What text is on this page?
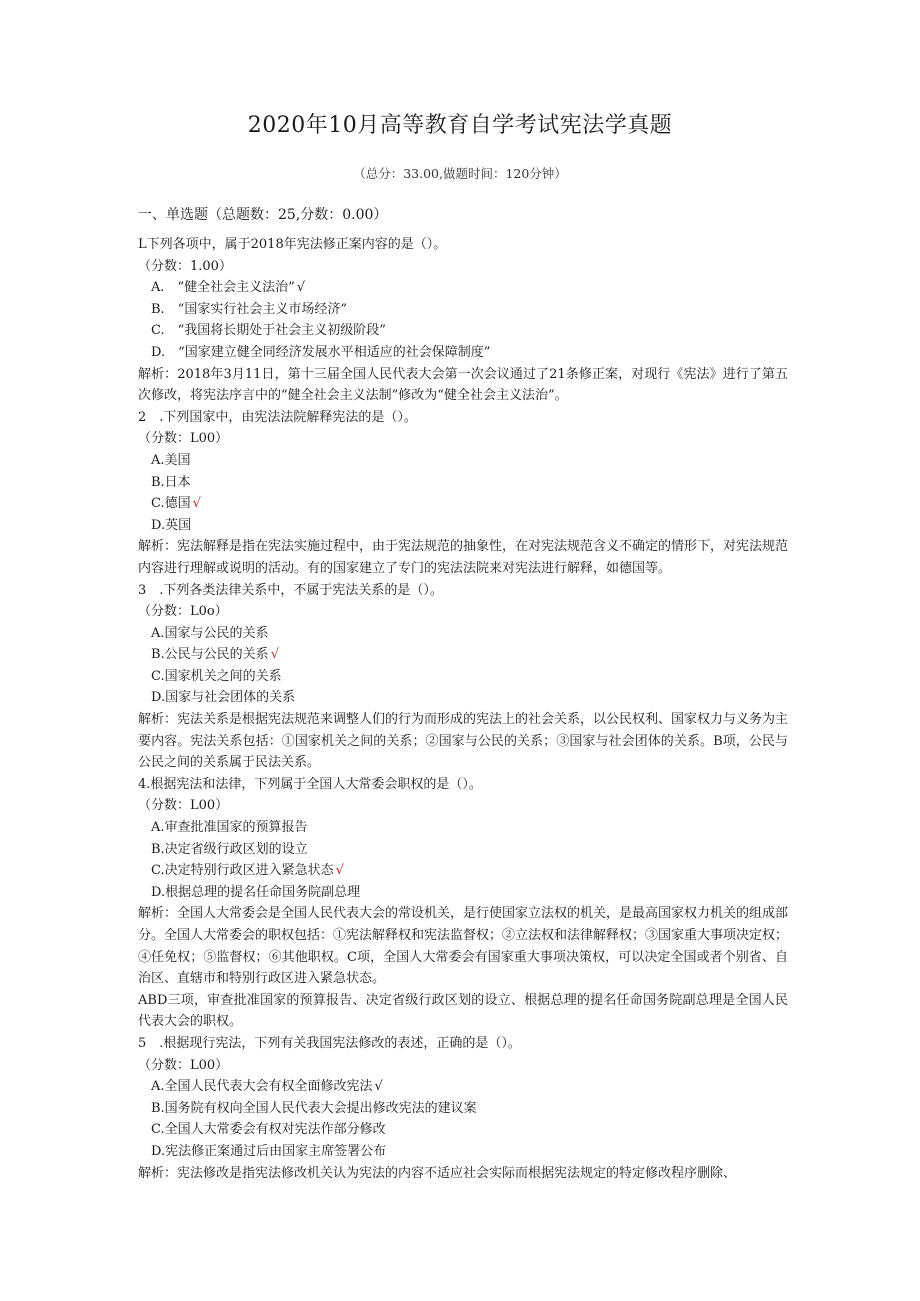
2020年10月高等教育自学考试宪法学真题
（总分：33.00,做题时间：120分钟）
一、单选题（总题数：25,分数：0.00）
L下列各项中，属于2018年宪法修正案内容的是（）。
（分数：1.00）
A.　“健全社会主义法治” √
B.　“国家实行社会主义市场经济”
C.　“我国将长期处于社会主义初级阶段”
D.　“国家建立健全同经济发展水平相适应的社会保障制度”
解析：2018年3月11日，第十三届全国人民代表大会第一次会议通过了21条修正案，对现行《宪法》进行了第五次修改，将宪法序言中的“健全社会主义法制”修改为“健全社会主义法治”。
2　.下列国家中，由宪法法院解释宪法的是（）。
（分数：L00）
A.美国
B.日本
C.德国 √
D.英国
解析：宪法解释是指在宪法实施过程中，由于宪法规范的抽象性，在对宪法规范含义不确定的情形下，对宪法规范内容进行理解或说明的活动。有的国家建立了专门的宪法法院来对宪法进行解释，如德国等。
3　.下列各类法律关系中，不属于宪法关系的是（）。
（分数：L0o）
A.国家与公民的关系
B.公民与公民的关系 √
C.国家机关之间的关系
D.国家与社会团体的关系
解析：宪法关系是根据宪法规范来调整人们的行为而形成的宪法上的社会关系，以公民权利、国家权力与义务为主要内容。宪法关系包括：①国家机关之间的关系；②国家与公民的关系；③国家与社会团体的关系。B项，公民与公民之间的关系属于民法关系。
4.根据宪法和法律，下列属于全国人大常委会职权的是（）。
（分数：L00）
A.审查批准国家的预算报告
B.决定省级行政区划的设立
C.决定特别行政区进入紧急状态 √
D.根据总理的提名任命国务院副总理
解析：全国人大常委会是全国人民代表大会的常设机关，是行使国家立法权的机关，是最高国家权力机关的组成部分。全国人大常委会的职权包括：①宪法解释权和宪法监督权；②立法权和法律解释权；③国家重大事项决定权；④任免权；⑤监督权；⑥其他职权。C项，全国人大常委会有国家重大事项决策权，可以决定全国或者个别省、自治区、直辖市和特别行政区进入紧急状态。
ABD三项，审查批准国家的预算报告、决定省级行政区划的设立、根据总理的提名任命国务院副总理是全国人民代表大会的职权。
5　.根据现行宪法，下列有关我国宪法修改的表述，正确的是（）。
（分数：L00）
A.全国人民代表大会有权全面修改宪法 √
B.国务院有权向全国人民代表大会提出修改宪法的建议案
C.全国人大常委会有权对宪法作部分修改
D.宪法修正案通过后由国家主席签署公布
解析：宪法修改是指宪法修改机关认为宪法的内容不适应社会实际而根据宪法规定的特定修改程序删除、
